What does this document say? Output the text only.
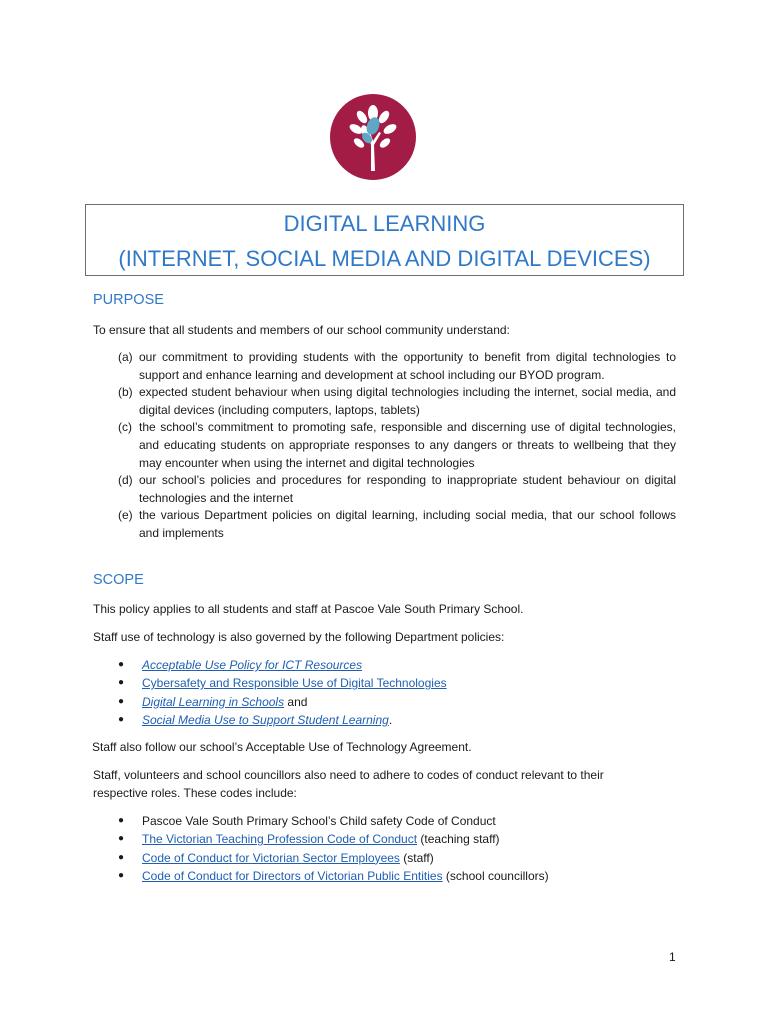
DIGITAL LEARNING
(INTERNET, SOCIAL MEDIA AND DIGITAL DEVICES)
PURPOSE
To ensure that all students and members of our school community understand:
(a) our commitment to providing students with the opportunity to benefit from digital technologies to support and enhance learning and development at school including our BYOD program.
(b) expected student behaviour when using digital technologies including the internet, social media, and digital devices (including computers, laptops, tablets)
(c) the school’s commitment to promoting safe, responsible and discerning use of digital technologies, and educating students on appropriate responses to any dangers or threats to wellbeing that they may encounter when using the internet and digital technologies
(d) our school’s policies and procedures for responding to inappropriate student behaviour on digital technologies and the internet
(e) the various Department policies on digital learning, including social media, that our school follows and implements
SCOPE
This policy applies to all students and staff at Pascoe Vale South Primary School.
Staff use of technology is also governed by the following Department policies:
●	Acceptable Use Policy for ICT Resources
●	Cybersafety and Responsible Use of Digital Technologies
●	Digital Learning in Schools and
●	Social Media Use to Support Student Learning.
Staff also follow our school’s Acceptable Use of Technology Agreement.
Staff, volunteers and school councillors also need to adhere to codes of conduct relevant to their
respective roles. These codes include:
●	Pascoe Vale South Primary School’s Child safety Code of Conduct
●	The Victorian Teaching Profession Code of Conduct (teaching staff)
●	Code of Conduct for Victorian Sector Employees (staff)
●	Code of Conduct for Directors of Victorian Public Entities (school councillors)
1
